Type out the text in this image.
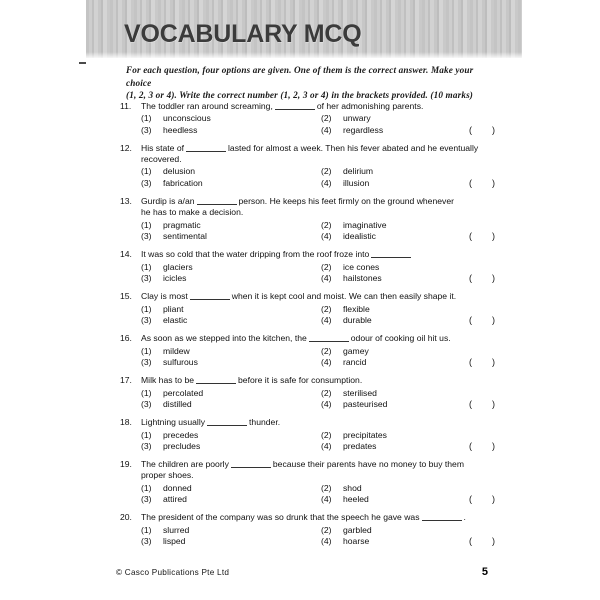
VOCABULARY MCQ
For each question, four options are given. One of them is the correct answer. Make your choice
(1, 2, 3 or 4). Write the correct number (1, 2, 3 or 4) in the brackets provided. (10 marks)
11.	The toddler ran around screaming,	of her admonishing parents.
(1) unconscious	(2) unwary
(3) heedless	(4) regardless	(        )
12.	His state of	lasted for almost a week. Then his fever abated and he eventually
recovered.
(1) delusion	(2) delirium
(3) fabrication	(4) illusion	(        )
13.	Gurdip is a/an	person. He keeps his feet firmly on the ground whenever
he has to make a decision.
(1) pragmatic	(2) imaginative
(3) sentimental	(4) idealistic	(        )
14.	It was so cold that the water dripping from the roof froze into
(1) glaciers	(2) ice cones
(3) icicles	(4) hailstones	(        )
15.	Clay is most	when it is kept cool and moist. We can then easily shape it.
(1) pliant	(2) flexible
(3) elastic	(4) durable	(        )
16.	As soon as we stepped into the kitchen, the	odour of cooking oil hit us.
(1) mildew	(2) gamey
(3) sulfurous	(4) rancid	(        )
17.	Milk has to be	before it is safe for consumption.
(1) percolated	(2) sterilised
(3) distilled	(4) pasteurised	(        )
18.	Lightning usually	thunder.
(1) precedes	(2) precipitates
(3) precludes	(4) predates	(        )
19.	The children are poorly	because their parents have no money to buy them
proper shoes.
(1) donned	(2) shod
(3) attired	(4) heeled	(        )
20.	The president of the company was so drunk that the speech he gave was	.
(1) slurred	(2) garbled
(3) lisped	(4) hoarse	(        )
© Casco Publications Pte Ltd	5
